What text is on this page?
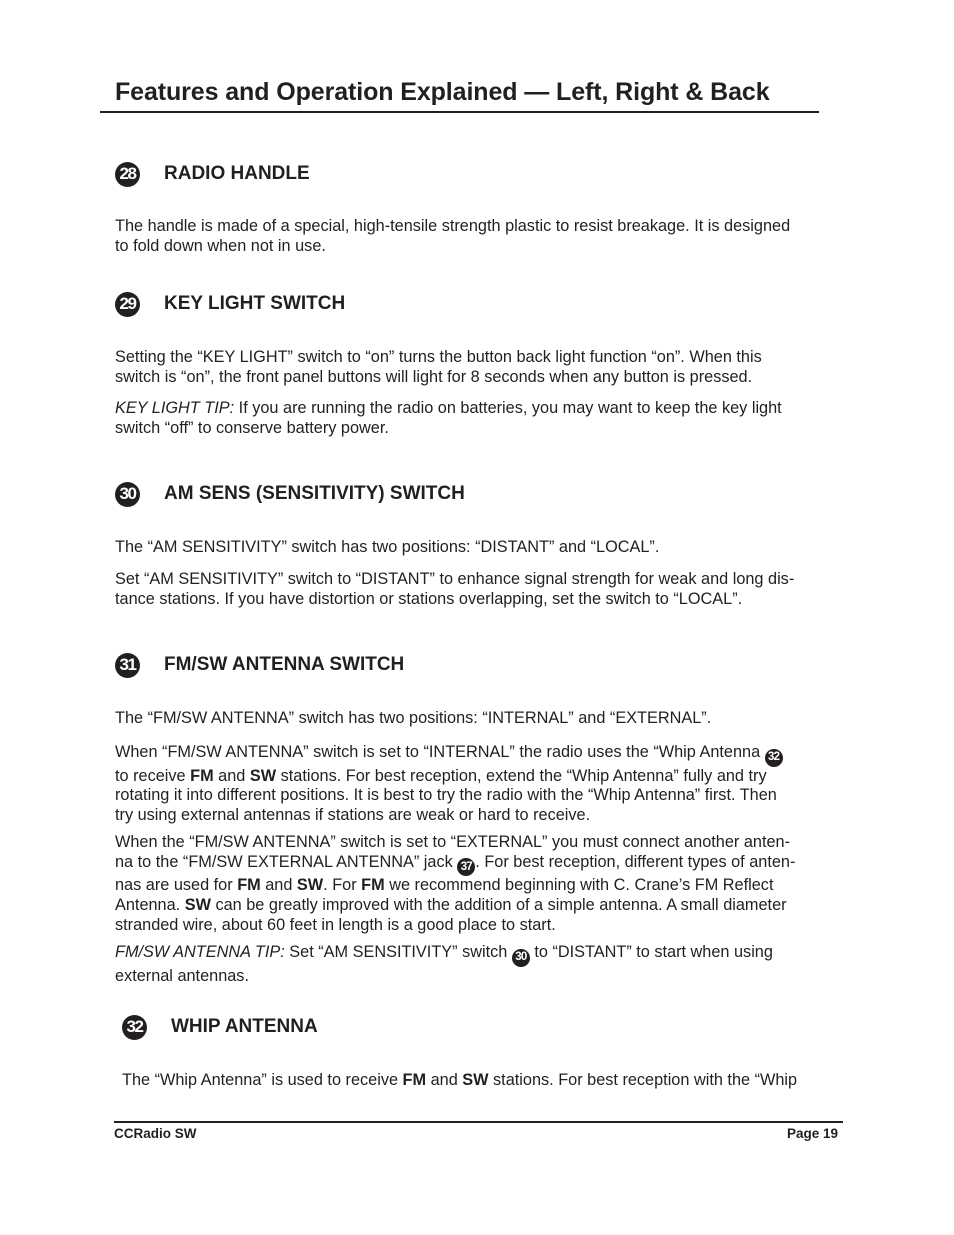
Features and Operation Explained — Left, Right & Back
28 RADIO HANDLE
The handle is made of a special, high-tensile strength plastic to resist breakage. It is designed
to fold down when not in use.
29 KEY LIGHT SWITCH
Setting the “KEY LIGHT” switch to “on” turns the button back light function “on”. When this
switch is “on”, the front panel buttons will light for 8 seconds when any button is pressed.
KEY LIGHT TIP: If you are running the radio on batteries, you may want to keep the key light
switch “off” to conserve battery power.
30 AM SENS (SENSITIVITY) SWITCH
The “AM SENSITIVITY” switch has two positions: “DISTANT” and “LOCAL”.
Set “AM SENSITIVITY” switch to “DISTANT” to enhance signal strength for weak and long dis-
tance stations. If you have distortion or stations overlapping, set the switch to “LOCAL”.
31 FM/SW ANTENNA SWITCH
The “FM/SW ANTENNA” switch has two positions: “INTERNAL” and “EXTERNAL”.
When “FM/SW ANTENNA” switch is set to “INTERNAL” the radio uses the “Whip Antenna 32
to receive FM and SW stations. For best reception, extend the “Whip Antenna” fully and try
rotating it into different positions. It is best to try the radio with the “Whip Antenna” first. Then
try using external antennas if stations are weak or hard to receive.
When the “FM/SW ANTENNA” switch is set to “EXTERNAL” you must connect another anten-
na to the “FM/SW EXTERNAL ANTENNA” jack 37 . For best reception, different types of anten-
nas are used for FM and SW. For FM we recommend beginning with C. Crane’s FM Reflect
Antenna. SW can be greatly improved with the addition of a simple antenna. A small diameter
stranded wire, about 60 feet in length is a good place to start.
FM/SW ANTENNA TIP: Set “AM SENSITIVITY” switch 30 to “DISTANT” to start when using
external antennas.
32 WHIP ANTENNA
The “Whip Antenna” is used to receive FM and SW stations. For best reception with the “Whip
CCRadio SW	Page 19
